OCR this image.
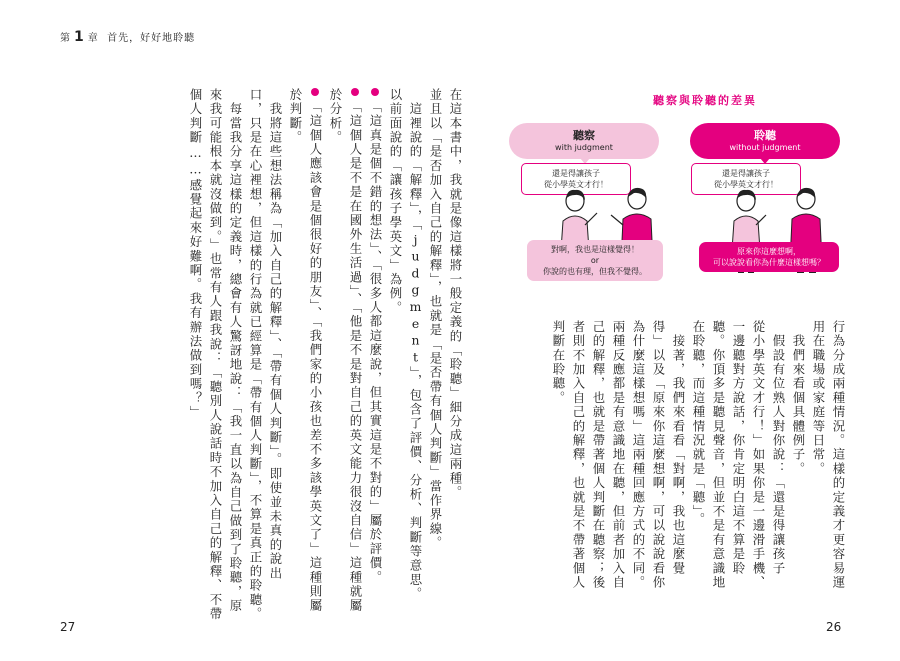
第 1 章 首先，好好地聆聽

在這本書中，我就是像這樣將一般定義的「聆聽」細分成這兩種。

並且以「是否加入自己的解釋」，也就是「是否帶有個人判斷」當作界線。

　這裡說的「解釋」，「judgment」，包含了評價、分析、判斷等意思。

以前面說的「讓孩子學英文」為例。

「這真是個不錯的想法」、「很多人都這麼說，但其實這是不對的」屬於評價。

「這個人是不是在國外生活過」、「他是不是對自己的英文能力很沒自信」這種就屬

於分析。

「這個人應該會是個很好的朋友」、「我們家的小孩也差不多該學英文了」這種則屬

於判斷。

　我將這些想法稱為「加入自己的解釋」、「帶有個人判斷」。即使並未真的說出

口，只是在心裡想，但這樣的行為就已經算是「帶有個人判斷」，不算是真正的聆聽。

　每當我分享這樣的定義時，總會有人驚訝地說：「我一直以為自己做到了聆聽，原

來我可能根本就沒做到。」也常有人跟我說：「聽別人說話時不加入自己的解釋、不帶

個人判斷……感覺起來好難啊。我有辦法做到嗎？」

行為分成兩種情況。這樣的定義才更容易運

用在職場或家庭等日常。

　我們來看個具體例子。

　假設有位熟人對你說：「還是得讓孩子

從小學英文才行！」如果你是一邊滑手機、

一邊聽對方說話，你肯定明白這不算是聆

聽。你頂多是聽見聲音，但並不是有意識地

在聆聽，而這種情況就是「聽」。

　接著，我們來看看「對啊，我也這麼覺

得」以及「原來你這麼想啊，可以說說看你

為什麼這樣想嗎」這兩種回應方式的不同。

兩種反應都是有意識地在聽，但前者加入自

己的解釋，也就是帶著個人判斷在聽察；後

者則不加入自己的解釋，也就是不帶著個人

判斷在聆聽。

聽察與聆聽的差異
聽察
with judgment
聆聽
without judgment
還是得讓孩子
從小學英文才行！
還是得讓孩子
從小學英文才行！
對啊，我也是這樣覺得！
or
你說的也有理，但我不覺得。
原來你這麼想啊，
可以說說看你為什麼這樣想嗎？
27	26
